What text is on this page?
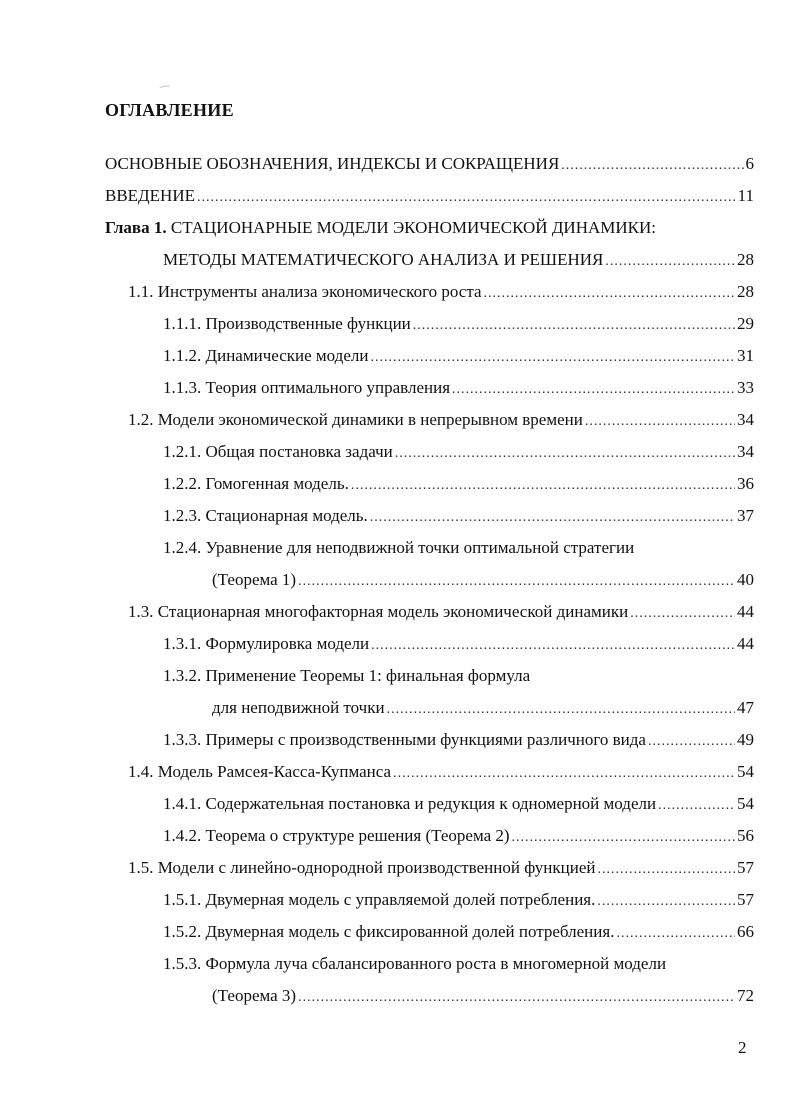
ОГЛАВЛЕНИЕ
ОСНОВНЫЕ ОБОЗНАЧЕНИЯ, ИНДЕКСЫ И СОКРАЩЕНИЯ .....	6
ВВЕДЕНИЕ .....	11
Глава 1. СТАЦИОНАРНЫЕ МОДЕЛИ ЭКОНОМИЧЕСКОЙ ДИНАМИКИ:
МЕТОДЫ МАТЕМАТИЧЕСКОГО АНАЛИЗА И РЕШЕНИЯ .....	28
1.1. Инструменты анализа экономического роста .....	28
1.1.1. Производственные функции .....	29
1.1.2. Динамические модели .....	31
1.1.3. Теория оптимального управления .....	33
1.2. Модели экономической динамики в непрерывном времени .....	34
1.2.1. Общая постановка задачи .....	34
1.2.2. Гомогенная модель. .....	36
1.2.3. Стационарная модель. .....	37
1.2.4. Уравнение для неподвижной точки оптимальной стратегии
(Теорема 1) .....	40
1.3. Стационарная многофакторная модель экономической динамики .....	44
1.3.1. Формулировка модели .....	44
1.3.2. Применение Теоремы 1: финальная формула
для неподвижной точки .....	47
1.3.3. Примеры с производственными функциями различного вида .....	49
1.4. Модель Рамсея-Касса-Купманса .....	54
1.4.1. Содержательная постановка и редукция к одномерной модели .....	54
1.4.2. Теорема о структуре решения (Теорема 2) .....	56
1.5. Модели с линейно-однородной производственной функцией .....	57
1.5.1. Двумерная модель с управляемой долей потребления. .....	57
1.5.2. Двумерная модель с фиксированной долей потребления. .....	66
1.5.3. Формула луча сбалансированного роста в многомерной модели
(Теорема 3) .....	72
2
